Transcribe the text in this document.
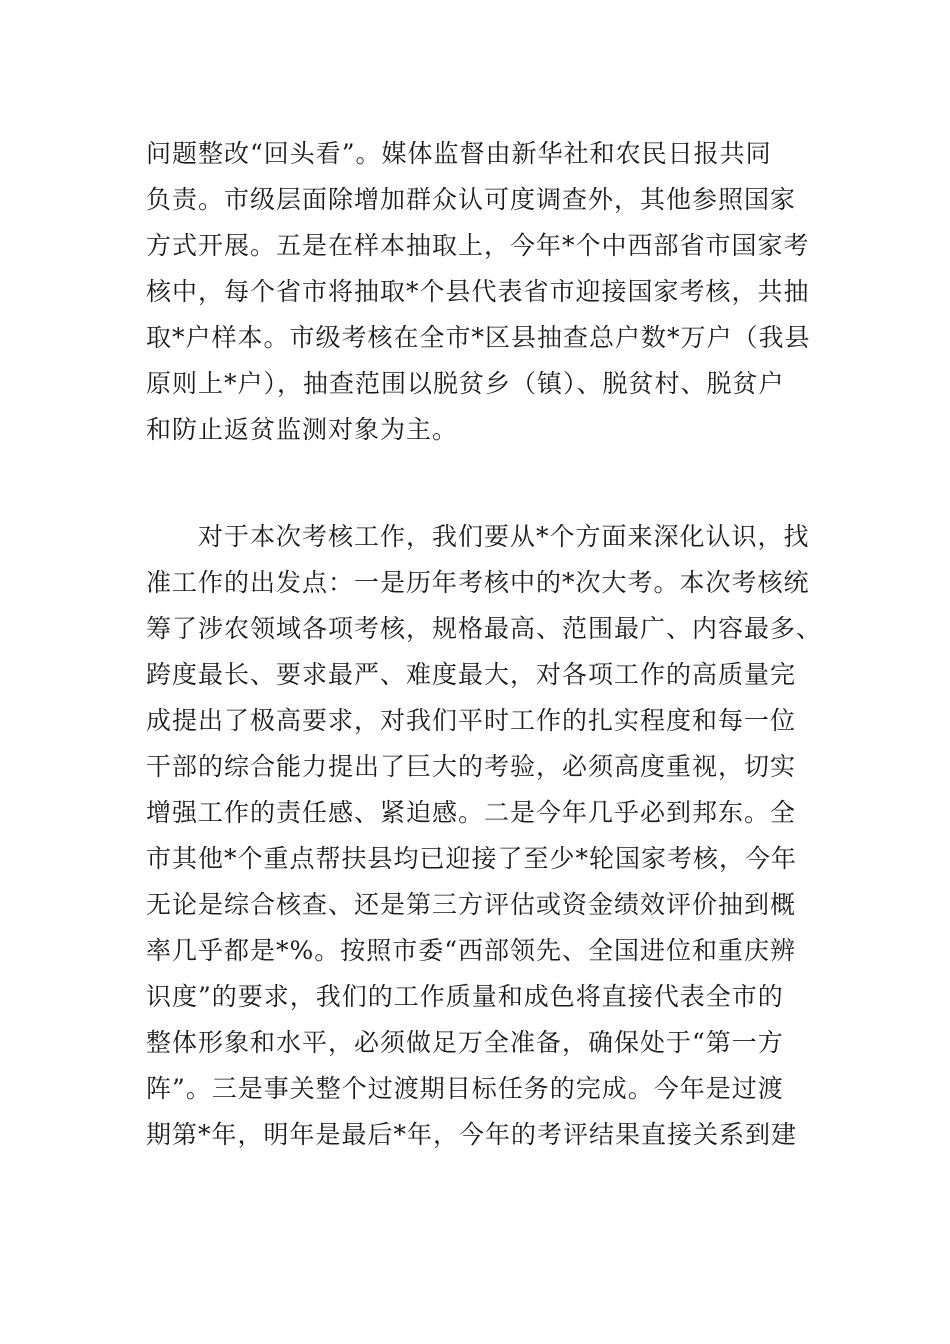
问题整改“回头看”。媒体监督由新华社和农民日报共同
负责。市级层面除增加群众认可度调查外，其他参照国家
方式开展。五是在样本抽取上，今年*个中西部省市国家考
核中，每个省市将抽取*个县代表省市迎接国家考核，共抽
取*户样本。市级考核在全市*区县抽查总户数*万户（我县
原则上*户），抽查范围以脱贫乡（镇）、脱贫村、脱贫户
和防止返贫监测对象为主。
　　对于本次考核工作，我们要从*个方面来深化认识，找
准工作的出发点：一是历年考核中的*次大考。本次考核统
筹了涉农领域各项考核，规格最高、范围最广、内容最多、
跨度最长、要求最严、难度最大，对各项工作的高质量完
成提出了极高要求，对我们平时工作的扎实程度和每一位
干部的综合能力提出了巨大的考验，必须高度重视，切实
增强工作的责任感、紧迫感。二是今年几乎必到邦东。全
市其他*个重点帮扶县均已迎接了至少*轮国家考核，今年
无论是综合核查、还是第三方评估或资金绩效评价抽到概
率几乎都是*%。按照市委“西部领先、全国进位和重庆辨
识度”的要求，我们的工作质量和成色将直接代表全市的
整体形象和水平，必须做足万全准备，确保处于“第一方
阵”。三是事关整个过渡期目标任务的完成。今年是过渡
期第*年，明年是最后*年，今年的考评结果直接关系到建
